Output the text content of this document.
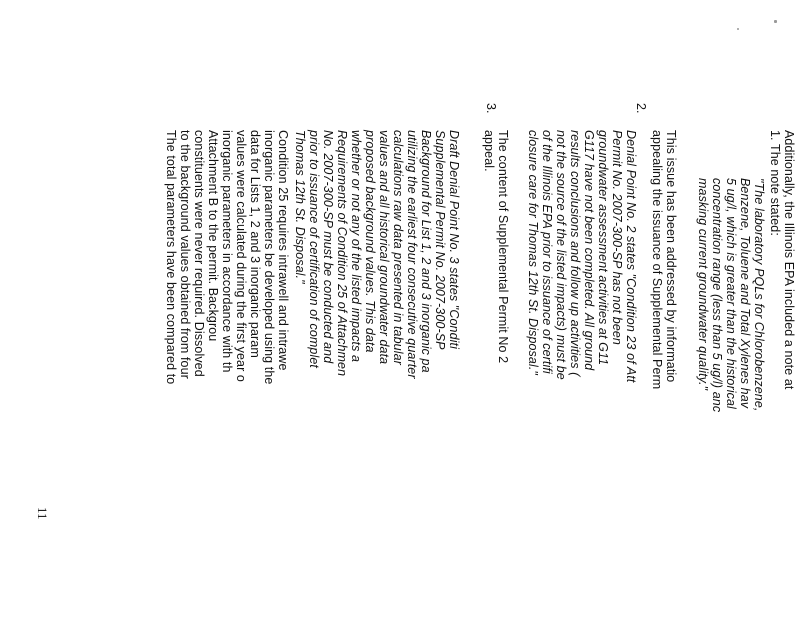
Additionally, the Illinois EPA included a note at
1. The note stated:
"The laboratory PQLs for Chlorobenzene,
Benzene, Toluene and Total Xylenes hav
5 ug/l, which is greater than the historical
concentration range (less than 5 ug/l) anc
masking current groundwater quality."
This issue has been addressed by informatio
appealing the issuance of Supplemental Perm
2.
Denial Point No. 2 states "Condition 23 of Att
Permit No. 2007-300-SP has not been
groundwater assessment activities at G11
G117 have not been completed. All ground
results conclusions and follow up activities (
not the source of the listed impacts) must be
of the Illinois EPA prior to issuance of certifi
closure care for Thomas 12th St. Disposal."
The content of Supplemental Permit No 2
appeal.
3.
Draft Denial Point No. 3 states "Conditi
Supplemental Permit No. 2007-300-SP
Background for List 1, 2 and 3 inorganic pa
utilizing the earliest four consecutive quarter
calculations raw data presented in tabular
values and all historical groundwater data
proposed background values. This data
whether or not any of the listed impacts a
Requirements of Condition 25 of Attachmen
No. 2007-300-SP must be conducted and
prior to issuance of certification of complet
Thomas 12th St. Disposal."
Condition 25 requires intrawell and intrawe
inorganic parameters be developed using the
data for Lists 1, 2 and 3 inorganic param
values were calculated during the first year o
inorganic parameters in accordance with th
Attachment B to the permit. Backgrou
constituents were never required. Dissolved
to the background values obtained from four
The total parameters have been compared to
11
